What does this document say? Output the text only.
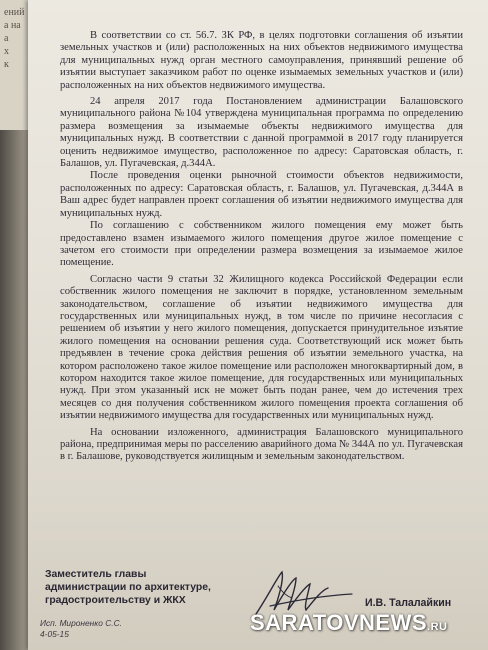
ений
а на
а
х
к

В соответствии со ст. 56.7. ЗК РФ, в целях подготовки соглашения об изъятии земельных участков и (или) расположенных на них объектов недвижимого имущества для муниципальных нужд орган местного самоуправления, принявший решение об изъятии выступает заказчиком работ по оценке изымаемых земельных участков и (или) расположенных на них объектов недвижимого имущества.

24 апреля 2017 года Постановлением администрации Балашовского муниципального района №104 утверждена муниципальная программа по определению размера возмещения за изымаемые объекты недвижимого имущества для муниципальных нужд. В соответствии с данной программой в 2017 году планируется оценить недвижимое имущество, расположенное по адресу: Саратовская область, г. Балашов, ул. Пугачевская, д.344А.

После проведения оценки рыночной стоимости объектов недвижимости, расположенных по адресу: Саратовская область, г. Балашов, ул. Пугачевская, д.344А в Ваш адрес будет направлен проект соглашения об изъятии недвижимого имущества для муниципальных нужд.

По соглашению с собственником жилого помещения ему может быть предоставлено взамен изымаемого жилого помещения другое жилое помещение с зачетом его стоимости при определении размера возмещения за изымаемое жилое помещение.

Согласно части 9 статьи 32 Жилищного кодекса Российской Федерации если собственник жилого помещения не заключит в порядке, установленном земельным законодательством, соглашение об изъятии недвижимого имущества для государственных или муниципальных нужд, в том числе по причине несогласия с решением об изъятии у него жилого помещения, допускается принудительное изъятие жилого помещения на основании решения суда. Соответствующий иск может быть предъявлен в течение срока действия решения об изъятии земельного участка, на котором расположено такое жилое помещение или расположен многоквартирный дом, в котором находится такое жилое помещение, для государственных или муниципальных нужд. При этом указанный иск не может быть подан ранее, чем до истечения трех месяцев со дня получения собственником жилого помещения проекта соглашения об изъятии недвижимого имущества для государственных или муниципальных нужд.

На основании изложенного, администрация Балашовского муниципального района, предпринимая меры по расселению аварийного дома № 344А по ул. Пугачевская в г. Балашове, руководствуется жилищным и земельным законодательством.

Заместитель главы
администрации по архитектуре,
градостроительству и ЖКХ	И.В. Талалайкин
Исп. Мироненко С.С.
4-05-15	SARATOVNEWS.RU
